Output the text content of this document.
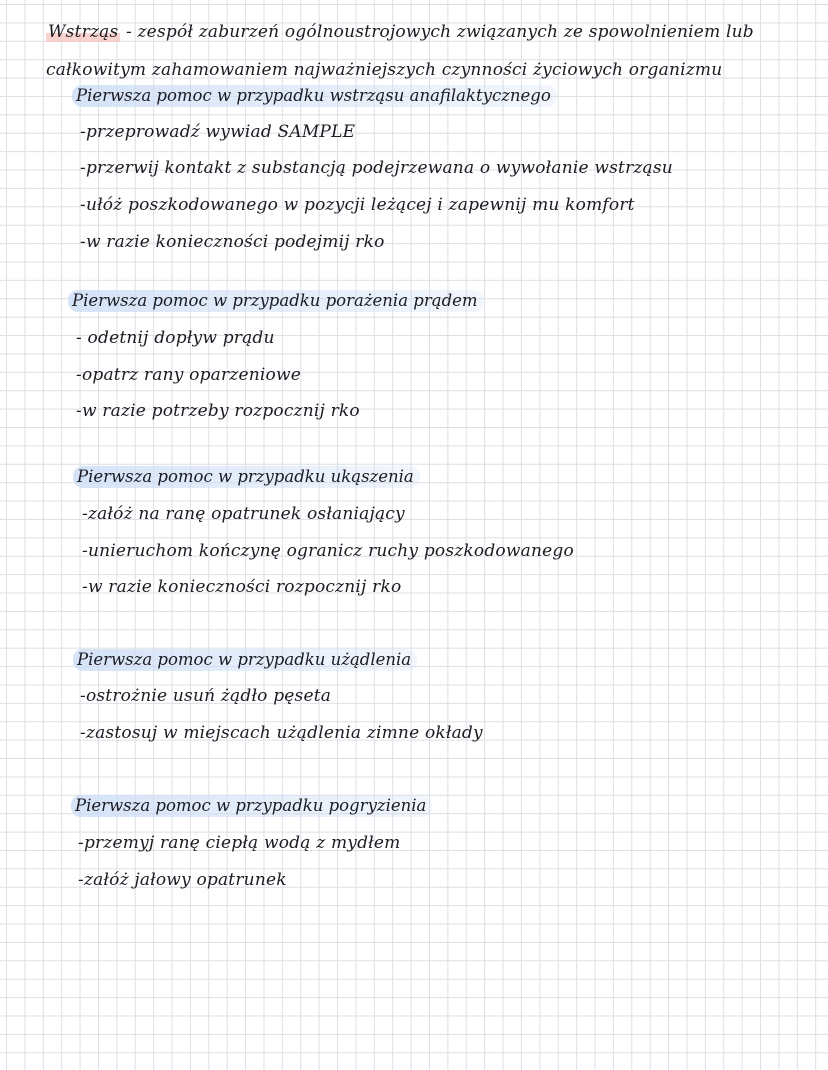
Wstrząs - zespół zaburzeń ogólnoustrojowych związanych ze spowolnieniem lub
całkowitym zahamowaniem najważniejszych czynności życiowych organizmu
Pierwsza pomoc w przypadku wstrząsu anafilaktycznego
-przeprowadź wywiad SAMPLE
-przerwij kontakt z substancją podejrzewana o wywołanie wstrząsu
-ułóż poszkodowanego w pozycji leżącej i zapewnij mu komfort
-w razie konieczności podejmij rko
Pierwsza pomoc w przypadku porażenia prądem
- odetnij dopływ prądu
-opatrz rany oparzeniowe
-w razie potrzeby rozpocznij rko
Pierwsza pomoc w przypadku ukąszenia
-załóż na ranę opatrunek osłaniający
-unieruchom kończynę ogranicz ruchy poszkodowanego
-w razie konieczności rozpocznij rko
Pierwsza pomoc w przypadku użądlenia
-ostrożnie usuń żądło pęseta
-zastosuj w miejscach użądlenia zimne okłady
Pierwsza pomoc w przypadku pogryzienia
-przemyj ranę ciepłą wodą z mydłem
-załóż jałowy opatrunek
